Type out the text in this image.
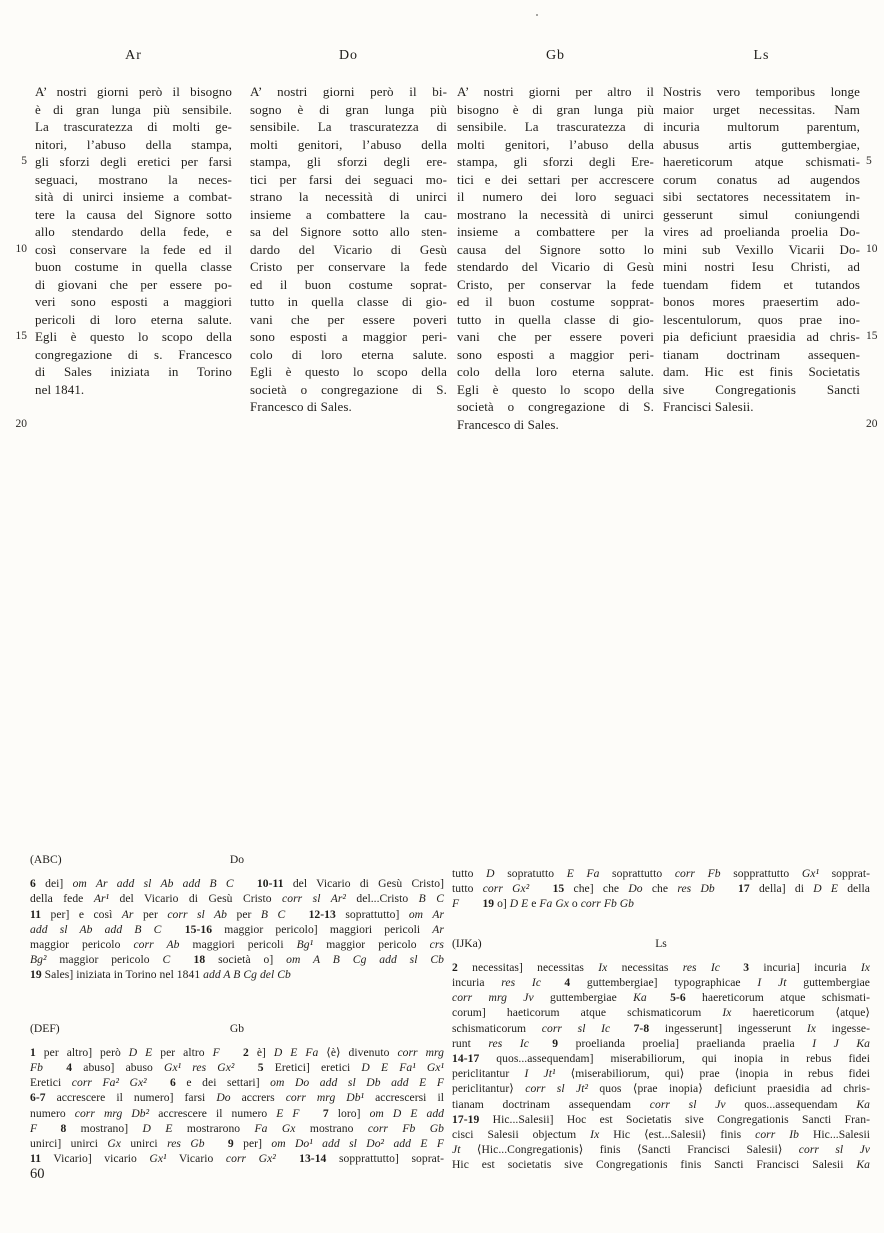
Ar
A’ nostri giorni però il bisogno
è di gran lunga più sensibile.
La trascuratezza di molti ge-
nitori, l’abuso della stampa,
gli sforzi degli eretici per farsi
seguaci, mostrano la neces-
sità di unirci insieme a combat-
tere la causa del Signore sotto
allo stendardo della fede, e
così conservare la fede ed il
buon costume in quella classe
di giovani che per essere po-
veri sono esposti a maggiori
pericoli di loro eterna salute.
Egli è questo lo scopo della
congregazione di s. Francesco
di Sales iniziata in Torino
nel 1841.
5
10
15
20
Do
A’ nostri giorni però il bi-
sogno è di gran lunga più
sensibile. La trascuratezza di
molti genitori, l’abuso della
stampa, gli sforzi degli ere-
tici per farsi dei seguaci mo-
strano la necessità di unirci
insieme a combattere la cau-
sa del Signore sotto allo sten-
dardo del Vicario di Gesù
Cristo per conservare la fede
ed il buon costume soprat-
tutto in quella classe di gio-
vani che per essere poveri
sono esposti a maggior peri-
colo di loro eterna salute.
Egli è questo lo scopo della
società o congregazione di S.
Francesco di Sales.
Gb
A’ nostri giorni per altro il
bisogno è di gran lunga più
sensibile. La trascuratezza di
molti genitori, l’abuso della
stampa, gli sforzi degli Ere-
tici e dei settari per accrescere
il numero dei loro seguaci
mostrano la necessità di unirci
insieme a combattere per la
causa del Signore sotto lo
stendardo del Vicario di Gesù
Cristo, per conservar la fede
ed il buon costume sopprat-
tutto in quella classe di gio-
vani che per essere poveri
sono esposti a maggior peri-
colo della loro eterna salute.
Egli è questo lo scopo della
società o congregazione di S.
Francesco di Sales.
Ls
Nostris vero temporibus longe
maior urget necessitas. Nam
incuria multorum parentum,
abusus artis guttembergiae,
haereticorum atque schismati-
corum conatus ad augendos
sibi sectatores necessitatem in-
gesserunt simul coniungendi
vires ad proelianda proelia Do-
mini sub Vexillo Vicarii Do-
mini nostri Iesu Christi, ad
tuendam fidem et tutandos
bonos mores praesertim ado-
lescentulorum, quos prae ino-
pia deficiunt praesidia ad chris-
tianam doctrinam assequen-
dam. Hic est finis Societatis
sive Congregationis Sancti
Francisci Salesii.
5
10
15
20
(ABC)	Do
6 dei] om Ar add sl Ab add B C   10-11 del Vicario di Gesù Cristo]
della fede Ar¹ del Vicario di Gesù Cristo corr sl Ar² del...Cristo B C
11 per] e così Ar per corr sl Ab per B C   12-13 soprattutto] om Ar
add sl Ab add B C   15-16 maggior pericolo] maggiori pericoli Ar
maggior pericolo corr Ab maggiori pericoli Bg¹ maggior pericolo crs
Bg² maggior pericolo C   18 società o] om A B Cg add sl Cb
19 Sales] iniziata in Torino nel 1841 add A B Cg del Cb
(DEF)	Gb
1 per altro] però D E per altro F   2 è] D E Fa ⟨è⟩ divenuto corr mrg
Fb   4 abuso] abuso Gx¹ res Gx²   5 Eretici] eretici D E Fa¹ Gx¹
Eretici corr Fa² Gx²   6 e dei settari] om Do add sl Db add E F
6-7 accrescere il numero] farsi Do accrers corr mrg Db¹ accrescersi il
numero corr mrg Db² accrescere il numero E F   7 loro] om D E add
F   8 mostrano] D E mostrarono Fa Gx mostrano corr Fb Gb
unirci] unirci Gx unirci res Gb   9 per] om Do¹ add sl Do² add E F
11 Vicario] vicario Gx¹ Vicario corr Gx²   13-14 sopprattutto] soprat-
tutto D sopratutto E Fa soprattutto corr Fb sopprattutto Gx¹ sopprat-
tutto corr Gx²   15 che] che Do che res Db   17 della] di D E della
F   19 o] D E e Fa Gx o corr Fb Gb
(IJKa)	Ls
2 necessitas] necessitas Ix necessitas res Ic   3 incuria] incuria Ix
incuria res Ic   4 guttembergiae] typographicae I Jt guttembergiae
corr mrg Jv guttembergiae Ka   5-6 haereticorum atque schismati-
corum] haeticorum atque schismaticorum Ix haereticorum ⟨atque⟩
schismaticorum corr sl Ic   7-8 ingesserunt] ingesserunt Ix ingesse-
runt res Ic   9 proelianda proelia] praelianda praelia I J Ka
14-17 quos...assequendam] miserabiliorum, qui inopia in rebus fidei
periclitantur I Jt¹ ⟨miserabiliorum, qui⟩ prae ⟨inopia in rebus fidei
periclitantur⟩ corr sl Jt² quos ⟨prae inopia⟩ deficiunt praesidia ad chris-
tianam doctrinam assequendam corr sl Jv quos...assequendam Ka
17-19 Hic...Salesii] Hoc est Societatis sive Congregationis Sancti Fran-
cisci Salesii objectum Ix Hic ⟨est...Salesii⟩ finis corr Ib Hic...Salesii
Jt ⟨Hic...Congregationis⟩ finis ⟨Sancti Francisci Salesii⟩ corr sl Jv
Hic est societatis sive Congregationis finis Sancti Francisci Salesii Ka
60
